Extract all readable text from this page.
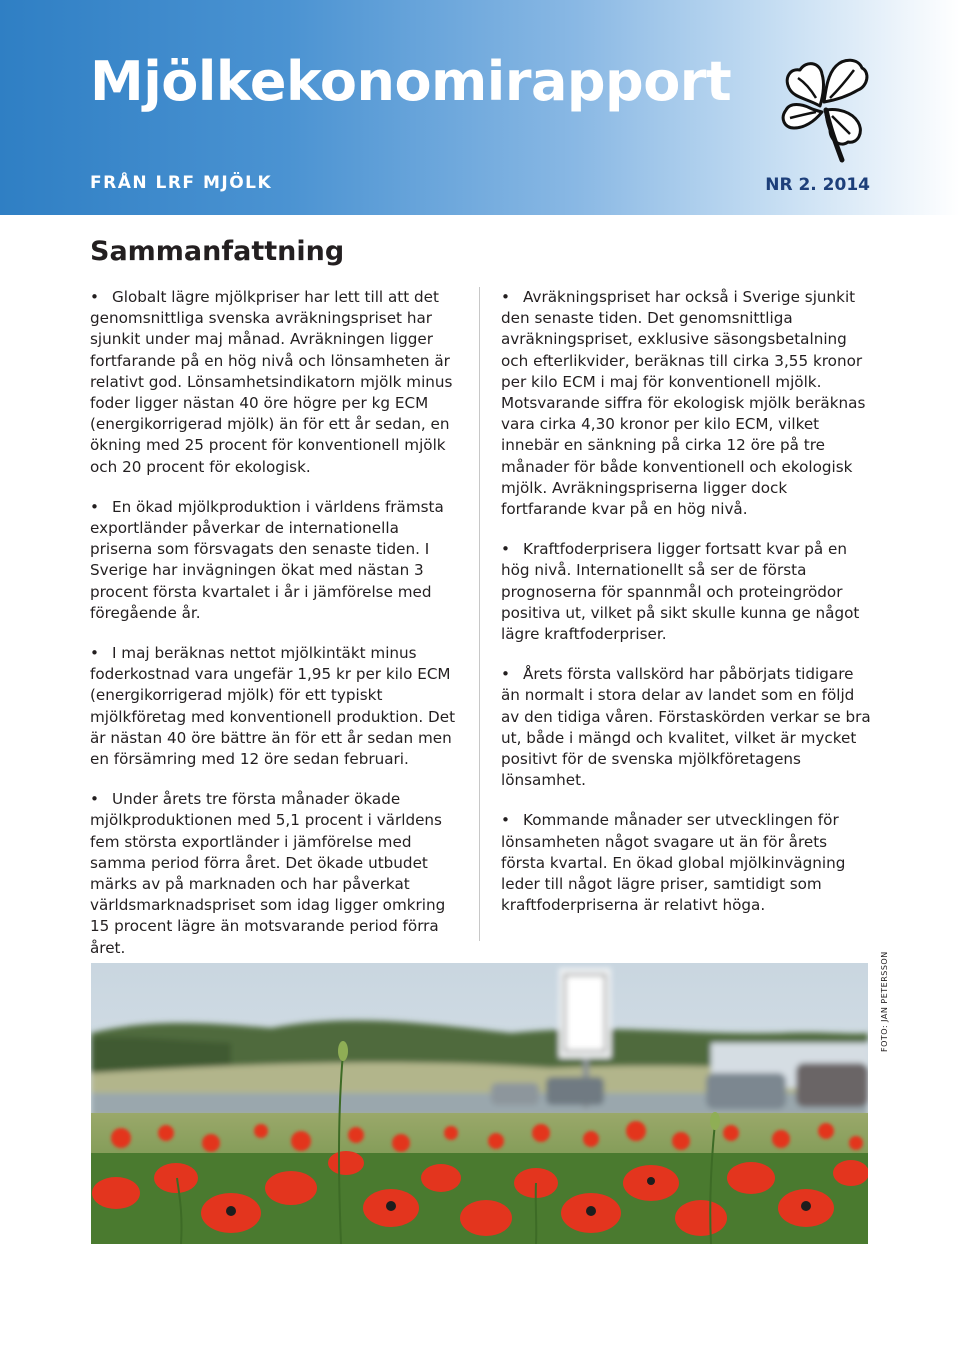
Mjölkekonomirapport
FRÅN LRF MJÖLK	NR 2. 2014
Sammanfattning

• Globalt lägre mjölkpriser har lett till att det genomsnittliga svenska avräkningspriset har sjunkit under maj månad. Avräkningen ligger fortfarande på en hög nivå och lönsamheten är relativt god. Lönsamhetsindikatorn mjölk minus foder ligger nästan 40 öre högre per kg ECM (energikorrigerad mjölk) än för ett år sedan, en ökning med 25 procent för konventionell mjölk och 20 procent för ekologisk.

• En ökad mjölkproduktion i världens främsta exportländer påverkar de internationella priserna som försvagats den senaste tiden. I Sverige har invägningen ökat med nästan 3 procent första kvartalet i år i jämförelse med föregående år.

• I maj beräknas nettot mjölkintäkt minus foderkostnad vara ungefär 1,95 kr per kilo ECM (energikorrigerad mjölk) för ett typiskt mjölkföretag med konventionell produktion. Det är nästan 40 öre bättre än för ett år sedan men en försämring med 12 öre sedan februari.

• Under årets tre första månader ökade mjölkproduktionen med 5,1 procent i världens fem största exportländer i jämförelse med samma period förra året. Det ökade utbudet märks av på marknaden och har påverkat världsmarknadspriset som idag ligger omkring 15 procent lägre än motsvarande period förra året.

• Avräkningspriset har också i Sverige sjunkit den senaste tiden. Det genomsnittliga avräkningspriset, exklusive säsongsbetalning och efterlikvider, beräknas till cirka 3,55 kronor per kilo ECM i maj för konventionell mjölk. Motsvarande siffra för ekologisk mjölk beräknas vara cirka 4,30 kronor per kilo ECM, vilket innebär en sänkning på cirka 12 öre på tre månader för både konventionell och ekologisk mjölk. Avräkningspriserna ligger dock fortfarande kvar på en hög nivå.

• Kraftfoderprisera ligger fortsatt kvar på en hög nivå. Internationellt så ser de första prognoserna för spannmål och proteingrödor positiva ut, vilket på sikt skulle kunna ge något lägre kraftfoderpriser.

• Årets första vallskörd har påbörjats tidigare än normalt i stora delar av landet som en följd av den tidiga våren. Förstaskörden verkar se bra ut, både i mängd och kvalitet, vilket är mycket positivt för de svenska mjölkföretagens lönsamhet.

• Kommande månader ser utvecklingen för lönsamheten något svagare ut än för årets första kvartal. En ökad global mjölkinvägning leder till något lägre priser, samtidigt som kraftfoderpriserna är relativt höga.

FOTO: JAN PETERSSON
